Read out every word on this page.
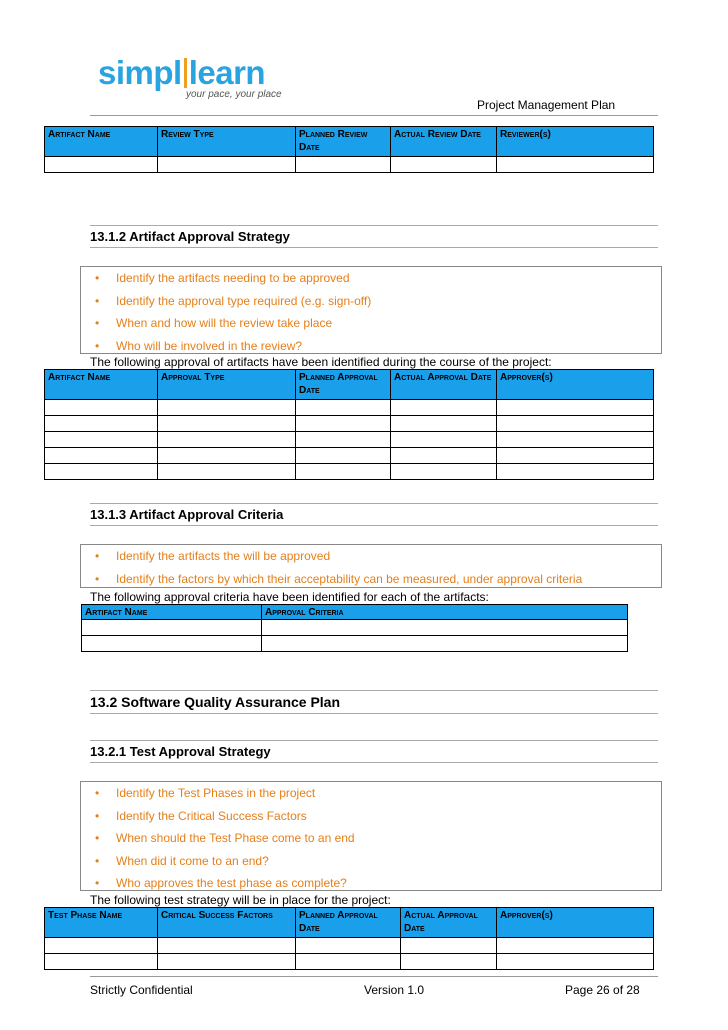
simpl learn
your pace, your place
Project Management Plan
Artifact Name	Review Type	Planned Review Date	Actual Review Date	Reviewer(s)

13.1.2 Artifact Approval Strategy
• Identify the artifacts needing to be approved
• Identify the approval type required (e.g. sign-off)
• When and how will the review take place
• Who will be involved in the review?
The following approval of artifacts have been identified during the course of the project:
Artifact Name	Approval Type	Planned Approval Date	Actual Approval Date	Approver(s)

13.1.3 Artifact Approval Criteria
• Identify the artifacts the will be approved
• Identify the factors by which their acceptability can be measured, under approval criteria
The following approval criteria have been identified for each of the artifacts:
Artifact Name	Approval Criteria

13.2 Software Quality Assurance Plan
13.2.1 Test Approval Strategy
• Identify the Test Phases in the project
• Identify the Critical Success Factors
• When should the Test Phase come to an end
• When did it come to an end?
• Who approves the test phase as complete?
The following test strategy will be in place for the project:
Test Phase Name	Critical Success Factors	Planned Approval Date	Actual Approval Date	Approver(s)

Strictly Confidential	Version 1.0	Page 26 of 28
